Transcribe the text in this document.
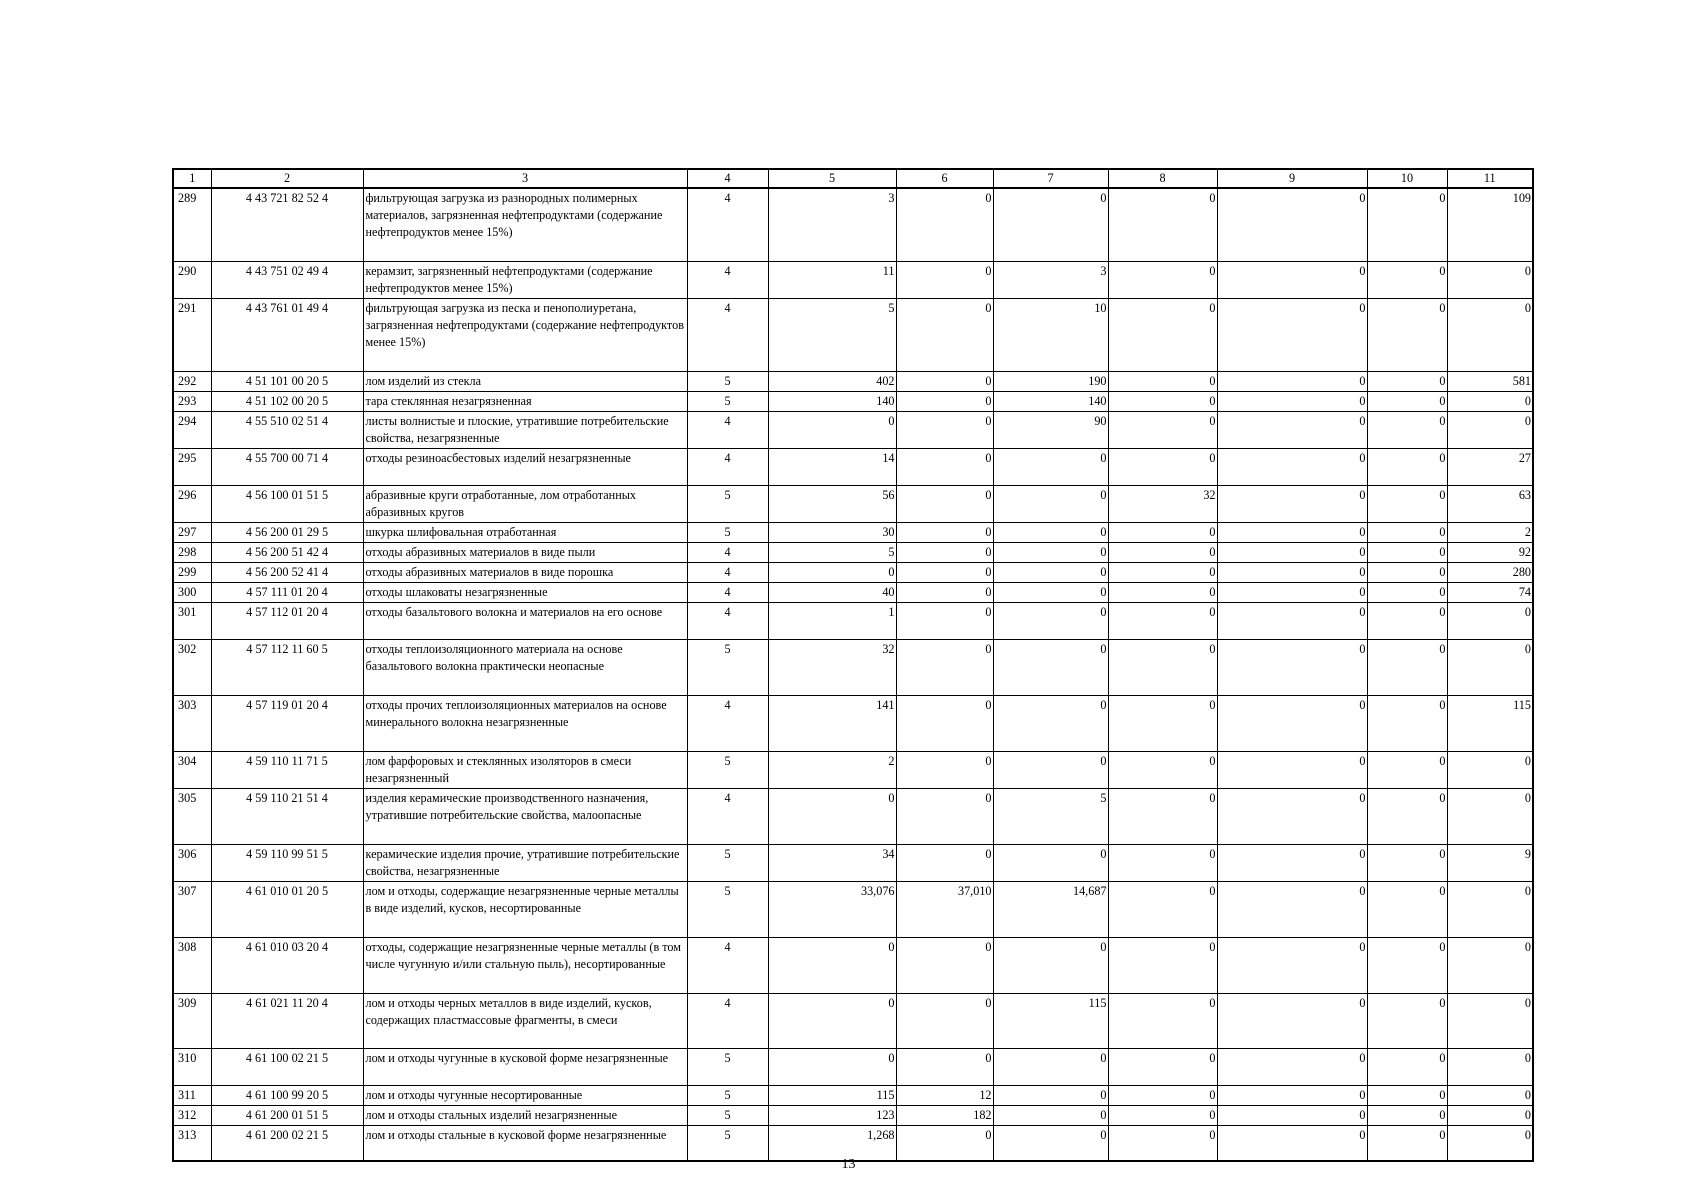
1	2	3	4	5	6	7	8	9	10	11
289	4 43 721 82 52 4	фильтрующая загрузка из разнородных полимерных материалов, загрязненная нефтепродуктами (содержание нефтепродуктов менее 15%)	4	3	0	0	0	0	0	109
290	4 43 751 02 49 4	керамзит, загрязненный нефтепродуктами (содержание нефтепродуктов менее 15%)	4	11	0	3	0	0	0	0
291	4 43 761 01 49 4	фильтрующая загрузка из песка и пенополиуретана, загрязненная нефтепродуктами (содержание нефтепродуктов менее 15%)	4	5	0	10	0	0	0	0
292	4 51 101 00 20 5	лом изделий из стекла	5	402	0	190	0	0	0	581
293	4 51 102 00 20 5	тара стеклянная незагрязненная	5	140	0	140	0	0	0	0
294	4 55 510 02 51 4	листы волнистые и плоские, утратившие потребительские свойства, незагрязненные	4	0	0	90	0	0	0	0
295	4 55 700 00 71 4	отходы резиноасбестовых изделий незагрязненные	4	14	0	0	0	0	0	27
296	4 56 100 01 51 5	абразивные круги отработанные, лом отработанных абразивных кругов	5	56	0	0	32	0	0	63
297	4 56 200 01 29 5	шкурка шлифовальная отработанная	5	30	0	0	0	0	0	2
298	4 56 200 51 42 4	отходы абразивных материалов в виде пыли	4	5	0	0	0	0	0	92
299	4 56 200 52 41 4	отходы абразивных материалов в виде порошка	4	0	0	0	0	0	0	280
300	4 57 111 01 20 4	отходы шлаковаты незагрязненные	4	40	0	0	0	0	0	74
301	4 57 112 01 20 4	отходы базальтового волокна и материалов на его основе	4	1	0	0	0	0	0	0
302	4 57 112 11 60 5	отходы теплоизоляционного материала на основе базальтового волокна практически неопасные	5	32	0	0	0	0	0	0
303	4 57 119 01 20 4	отходы прочих теплоизоляционных материалов на основе минерального волокна незагрязненные	4	141	0	0	0	0	0	115
304	4 59 110 11 71 5	лом фарфоровых и стеклянных изоляторов в смеси незагрязненный	5	2	0	0	0	0	0	0
305	4 59 110 21 51 4	изделия керамические производственного назначения, утратившие потребительские свойства, малоопасные	4	0	0	5	0	0	0	0
306	4 59 110 99 51 5	керамические изделия прочие, утратившие потребительские свойства, незагрязненные	5	34	0	0	0	0	0	9
307	4 61 010 01 20 5	лом и отходы, содержащие незагрязненные черные металлы в виде изделий, кусков, несортированные	5	33,076	37,010	14,687	0	0	0	0
308	4 61 010 03 20 4	отходы, содержащие незагрязненные черные металлы (в том числе чугунную и/или стальную пыль), несортированные	4	0	0	0	0	0	0	0
309	4 61 021 11 20 4	лом и отходы черных металлов в виде изделий, кусков, содержащих пластмассовые фрагменты, в смеси	4	0	0	115	0	0	0	0
310	4 61 100 02 21 5	лом и отходы чугунные в кусковой форме незагрязненные	5	0	0	0	0	0	0	0
311	4 61 100 99 20 5	лом и отходы чугунные несортированные	5	115	12	0	0	0	0	0
312	4 61 200 01 51 5	лом и отходы стальных изделий незагрязненные	5	123	182	0	0	0	0	0
313	4 61 200 02 21 5	лом и отходы стальные в кусковой форме незагрязненные	5	1,268	0	0	0	0	0	0
13
